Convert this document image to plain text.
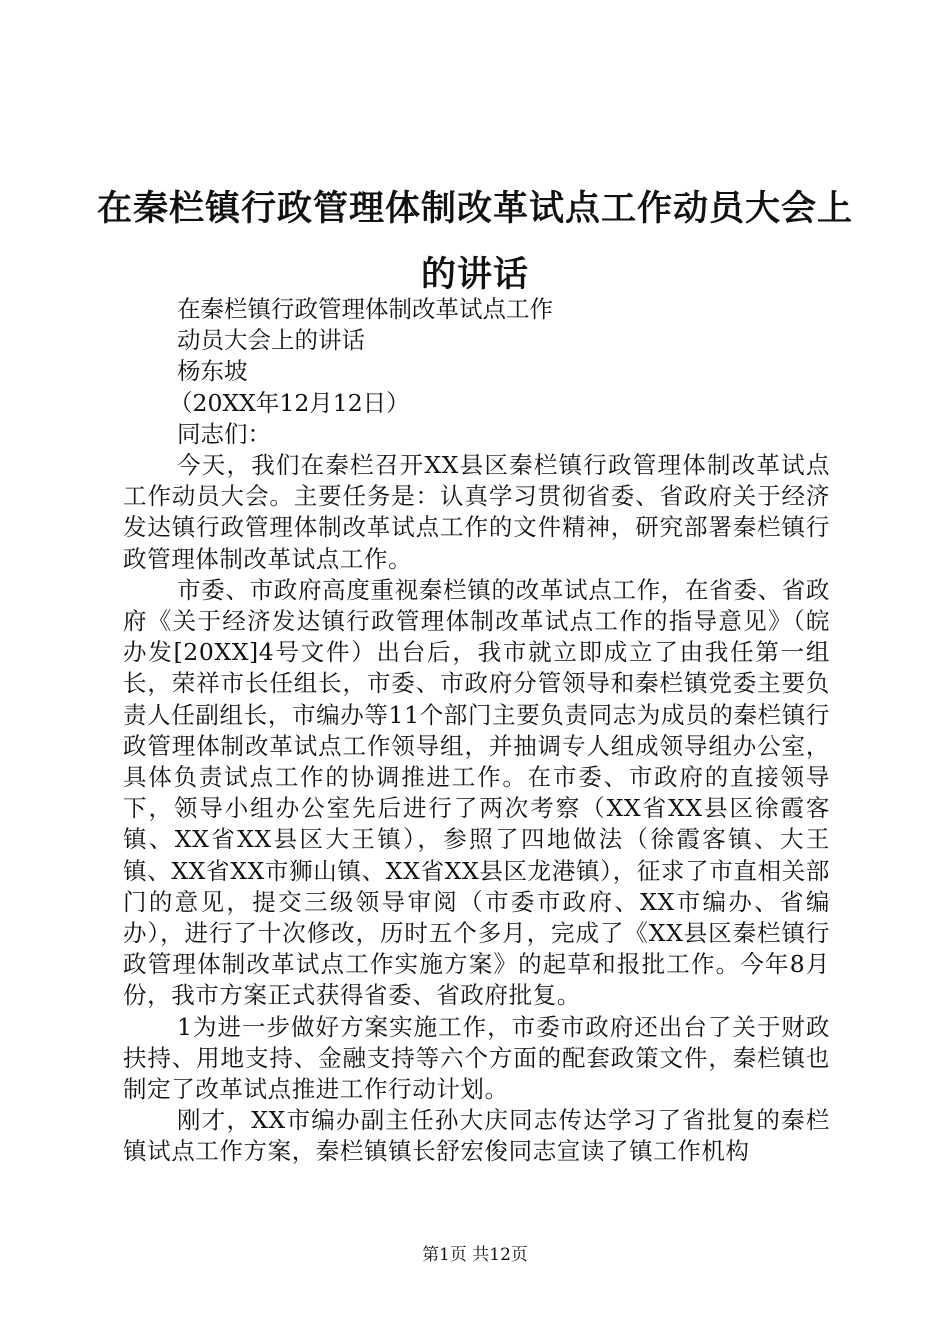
在秦栏镇行政管理体制改革试点工作动员大会上的讲话

在秦栏镇行政管理体制改革试点工作

动员大会上的讲话

杨东坡

（20XX年12月12日）

同志们：

今天，我们在秦栏召开XX县区秦栏镇行政管理体制改革试点工作动员大会。主要任务是：认真学习贯彻省委、省政府关于经济发达镇行政管理体制改革试点工作的文件精神，研究部署秦栏镇行政管理体制改革试点工作。

市委、市政府高度重视秦栏镇的改革试点工作，在省委、省政府《关于经济发达镇行政管理体制改革试点工作的指导意见》（皖办发[20XX]4号文件）出台后，我市就立即成立了由我任第一组长，荣祥市长任组长，市委、市政府分管领导和秦栏镇党委主要负责人任副组长，市编办等11个部门主要负责同志为成员的秦栏镇行政管理体制改革试点工作领导组，并抽调专人组成领导组办公室，具体负责试点工作的协调推进工作。在市委、市政府的直接领导下，领导小组办公室先后进行了两次考察（XX省XX县区徐霞客镇、XX省XX县区大王镇），参照了四地做法（徐霞客镇、大王镇、XX省XX市狮山镇、XX省XX县区龙港镇），征求了市直相关部门的意见，提交三级领导审阅（市委市政府、XX市编办、省编办），进行了十次修改，历时五个多月，完成了《XX县区秦栏镇行政管理体制改革试点工作实施方案》的起草和报批工作。今年8月份，我市方案正式获得省委、省政府批复。

1为进一步做好方案实施工作，市委市政府还出台了关于财政扶持、用地支持、金融支持等六个方面的配套政策文件，秦栏镇也制定了改革试点推进工作行动计划。

刚才，XX市编办副主任孙大庆同志传达学习了省批复的秦栏镇试点工作方案，秦栏镇镇长舒宏俊同志宣读了镇工作机构

第1页 共12页
